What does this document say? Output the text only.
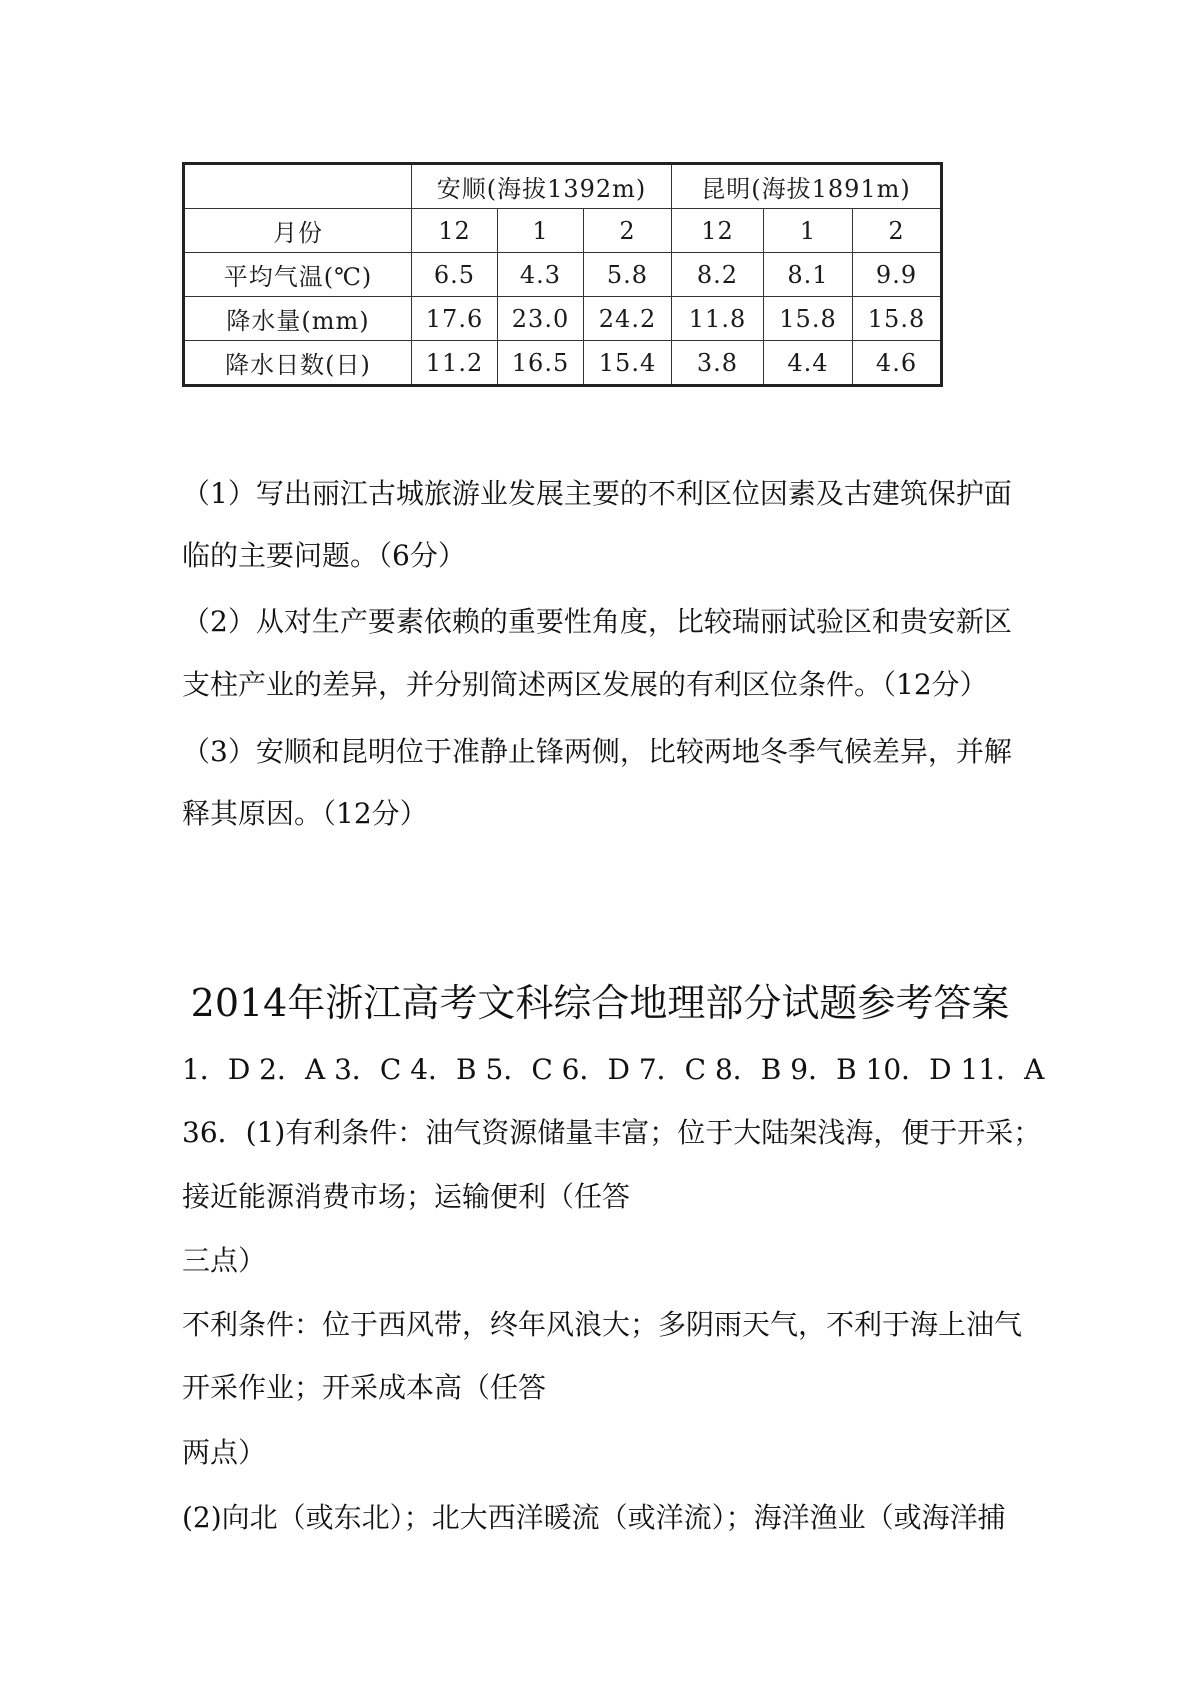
	安顺(海拔1392m)			昆明(海拔1891m)		
月份	12	1	2	12	1	2
平均气温(℃)	6.5	4.3	5.8	8.2	8.1	9.9
降水量(mm)	17.6	23.0	24.2	11.8	15.8	15.8
降水日数(日)	11.2	16.5	15.4	3.8	4.4	4.6

（1）写出丽江古城旅游业发展主要的不利区位因素及古建筑保护面

临的主要问题。（6分）

（2）从对生产要素依赖的重要性角度，比较瑞丽试验区和贵安新区

支柱产业的差异，并分别简述两区发展的有利区位条件。（12分）

（3）安顺和昆明位于准静止锋两侧，比较两地冬季气候差异，并解

释其原因。（12分）

2014年浙江高考文科综合地理部分试题参考答案

1．D 2．A 3．C 4．B 5．C 6．D 7．C 8．B 9．B 10．D 11．A

36．(1)有利条件：油气资源储量丰富；位于大陆架浅海，便于开采；

接近能源消费市场；运输便利（任答

三点）

不利条件：位于西风带，终年风浪大；多阴雨天气，不利于海上油气

开采作业；开采成本高（任答

两点）

(2)向北（或东北）；北大西洋暖流（或洋流）；海洋渔业（或海洋捕
